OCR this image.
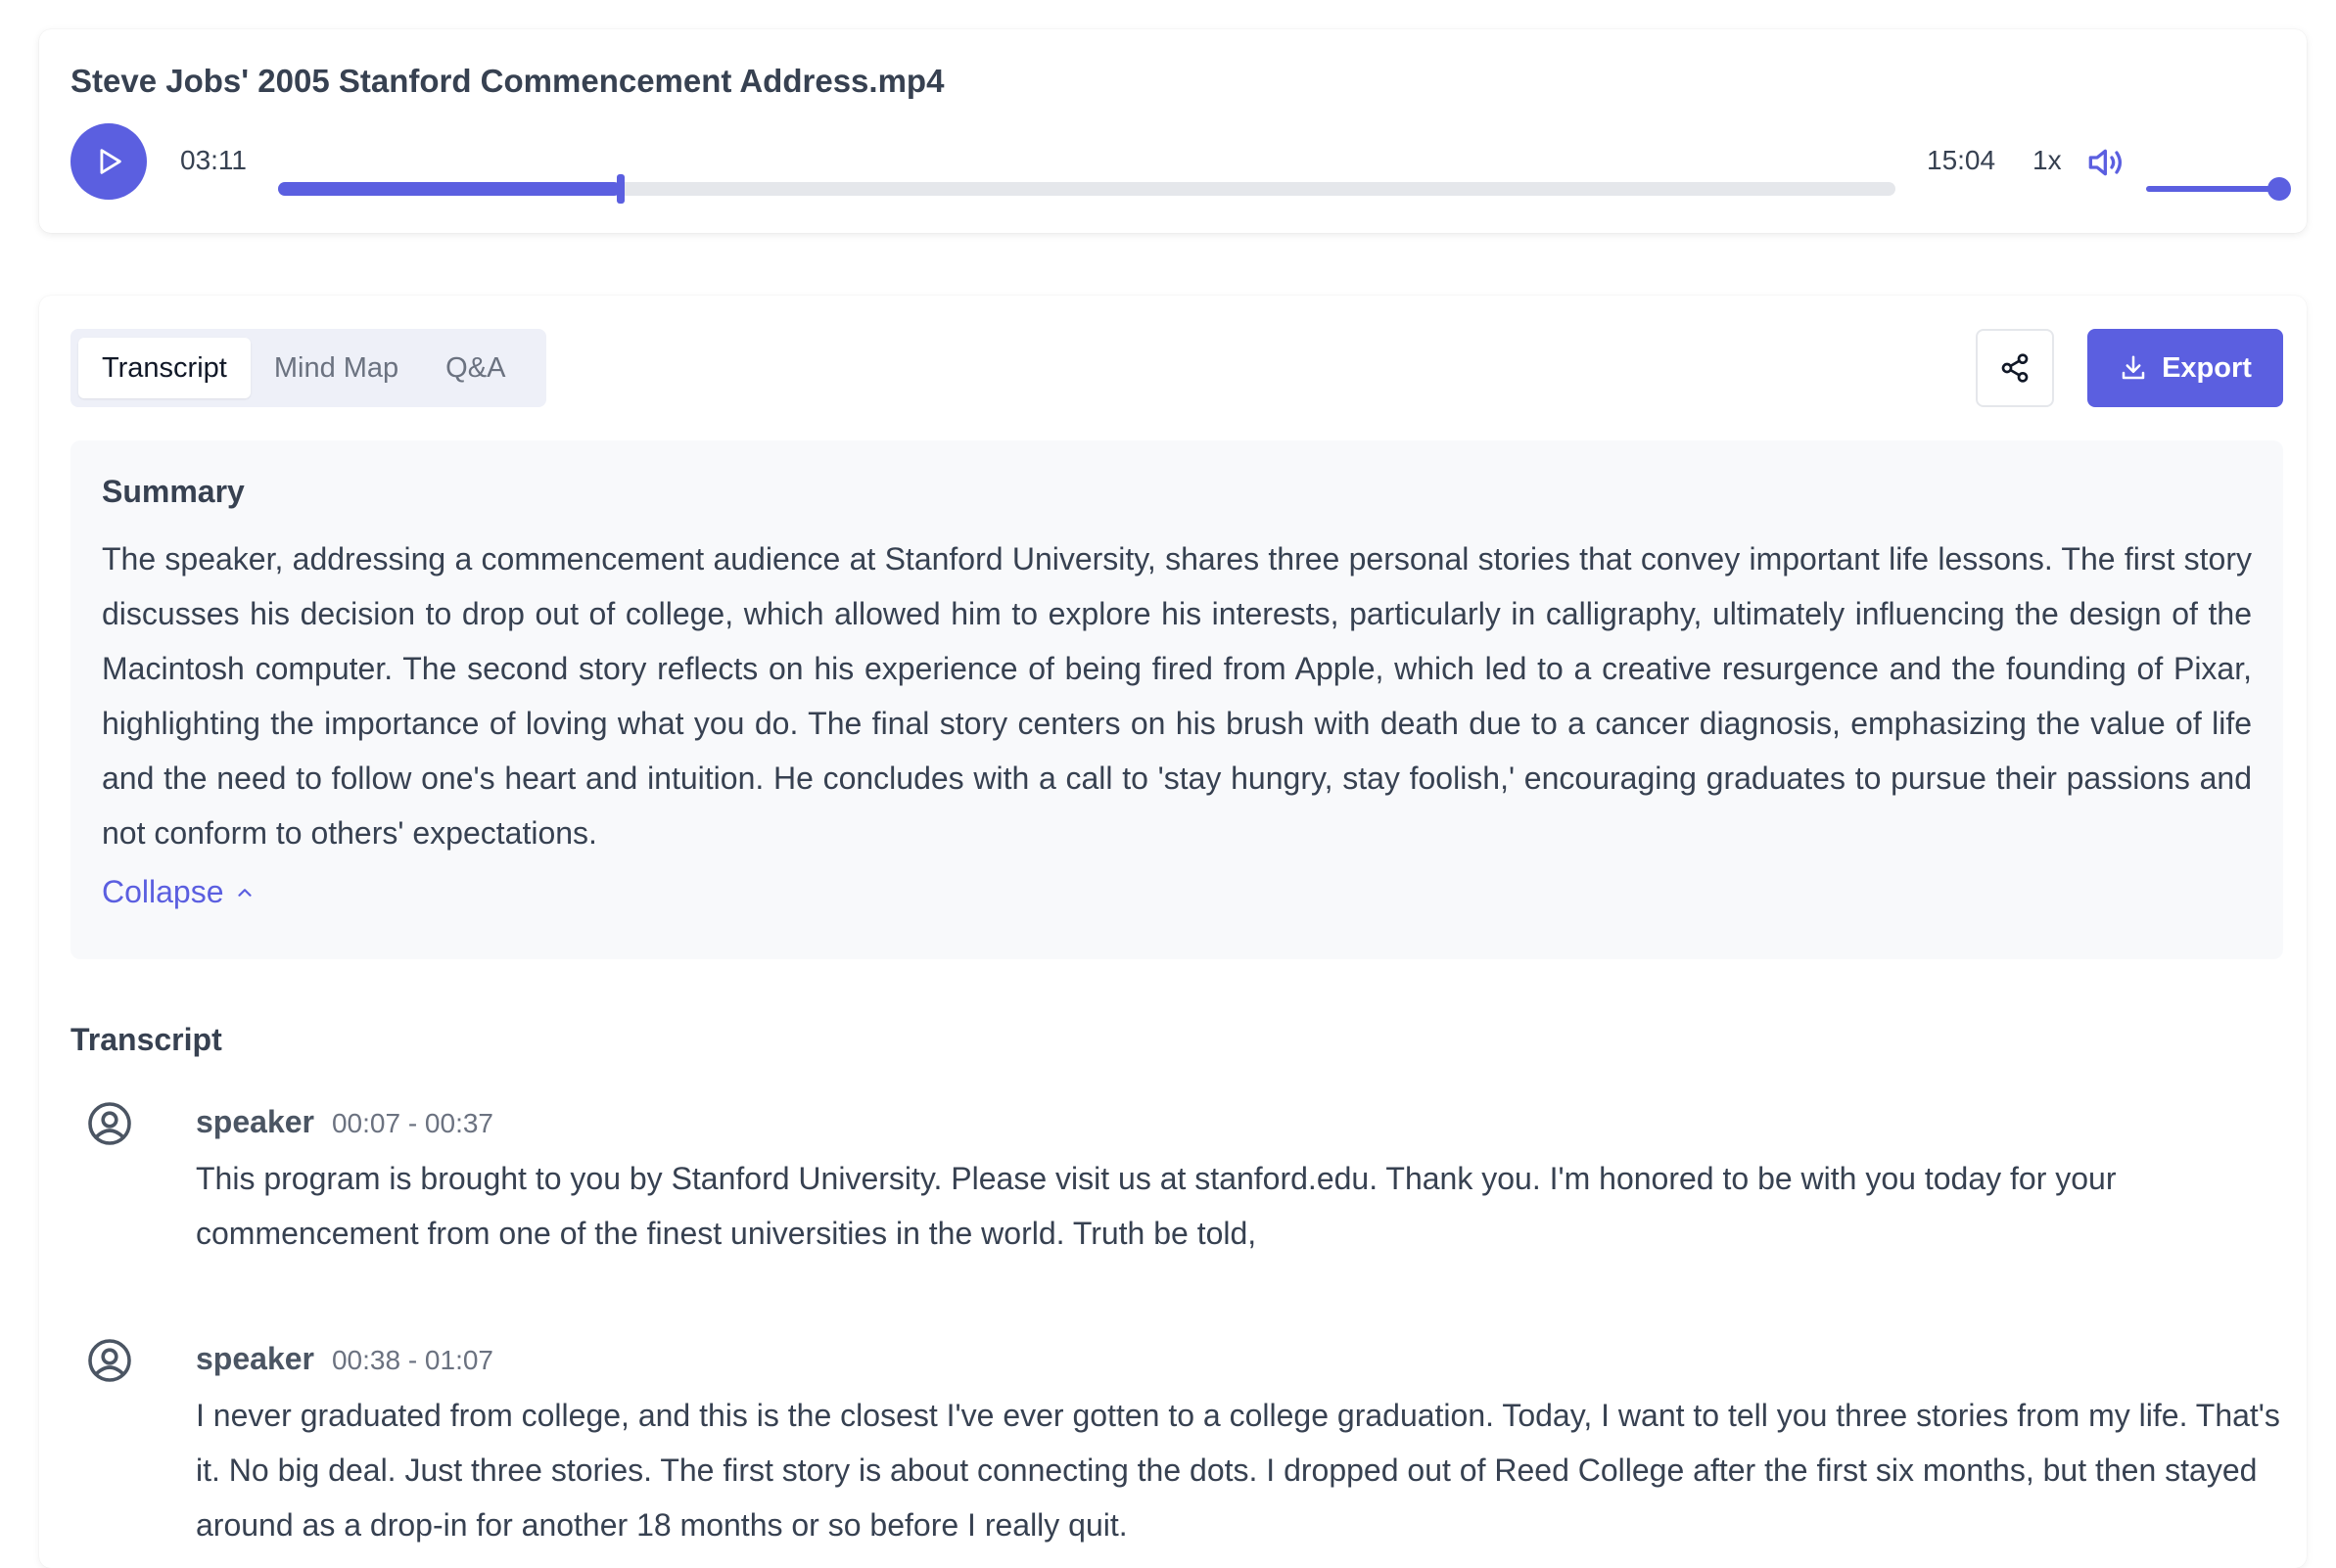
Steve Jobs' 2005 Stanford Commencement Address.mp4
03:11	15:04 1x
Transcript	Mind Map	Q&A	Export
Summary

The speaker, addressing a commencement audience at Stanford University, shares three personal stories that convey important life lessons. The first story discusses his decision to drop out of college, which allowed him to explore his interests, particularly in calligraphy, ultimately influencing the design of the Macintosh computer. The second story reflects on his experience of being fired from Apple, which led to a creative resurgence and the founding of Pixar, highlighting the importance of loving what you do. The final story centers on his brush with death due to a cancer diagnosis, emphasizing the value of life and the need to follow one's heart and intuition. He concludes with a call to 'stay hungry, stay foolish,' encouraging graduates to pursue their passions and not conform to others' expectations.

Collapse
Transcript
speaker 00:07 - 00:37

This program is brought to you by Stanford University. Please visit us at stanford.edu. Thank you. I'm honored to be with you today for your commencement from one of the finest universities in the world. Truth be told,

speaker 00:38 - 01:07

I never graduated from college, and this is the closest I've ever gotten to a college graduation. Today, I want to tell you three stories from my life. That's it. No big deal. Just three stories. The first story is about connecting the dots. I dropped out of Reed College after the first six months, but then stayed around as a drop-in for another 18 months or so before I really quit.
